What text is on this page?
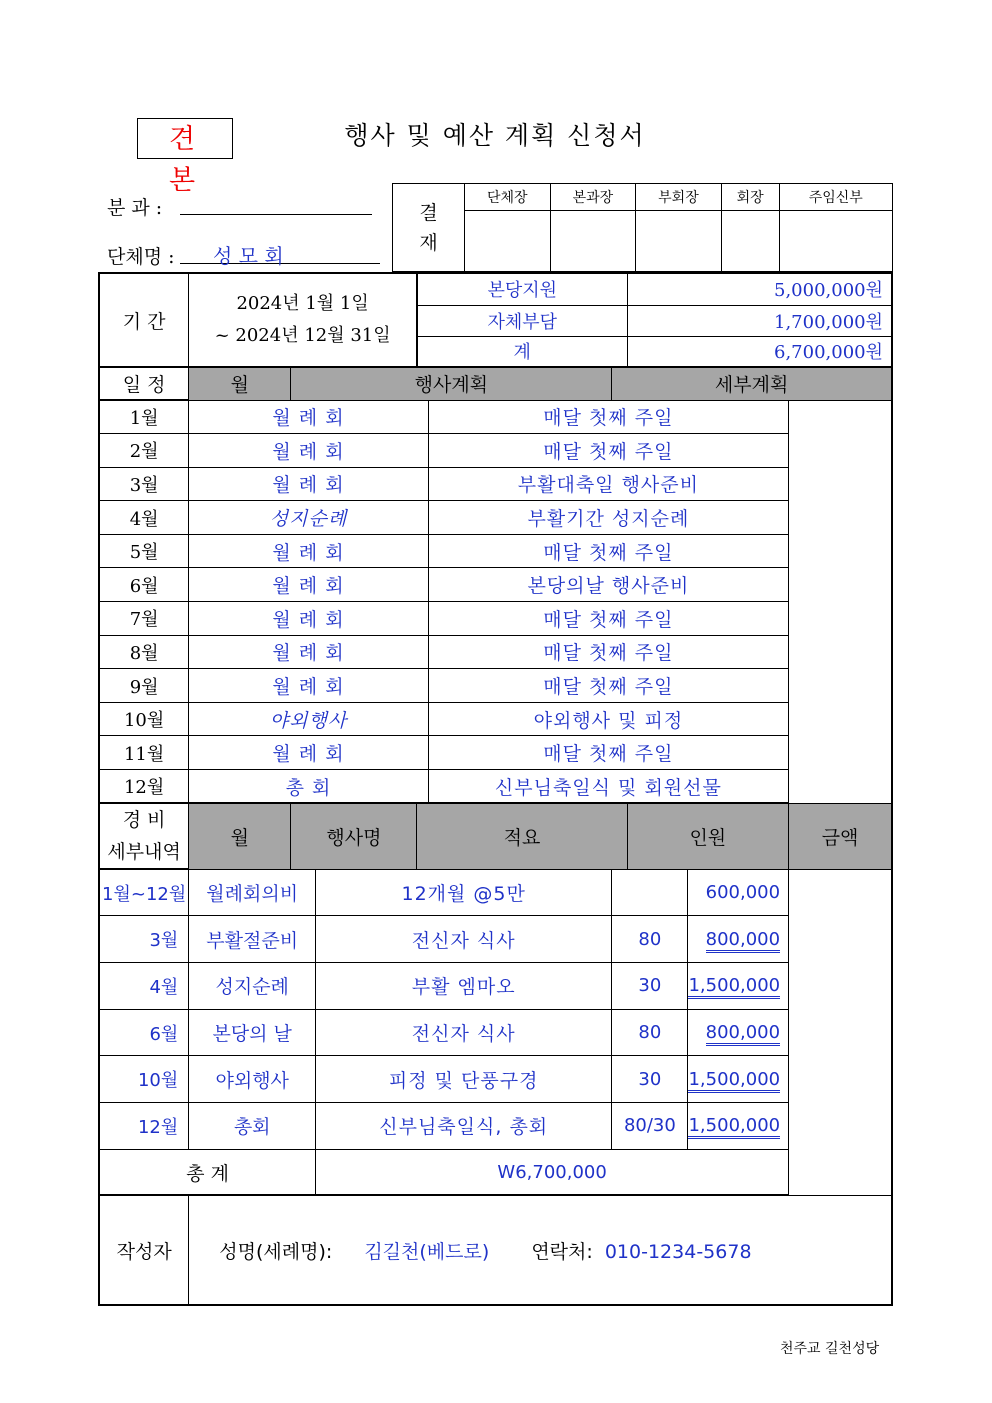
견 본
행사 및 예산 계획 신청서
분 과 :
단체명 : 성 모 회
결
재	단체장	본과장	부회장	회장	주임신부

기 간	2024년 1월 1일
~ 2024년 12월 31일			본당지원			5,000,000원		
				자체부담			1,700,000원		
				계			6,700,000원		
일 정	월	행사계획				세부계획			
1월	월 례 회				매달 첫째 주일				
2월	월 례 회				매달 첫째 주일				
3월	월 례 회				부활대축일 행사준비				
4월	성지순례				부활기간 성지순례				
5월	월 례 회				매달 첫째 주일				
6월	월 례 회				본당의날 행사준비				
7월	월 례 회				매달 첫째 주일				
8월	월 례 회				매달 첫째 주일				
9월	월 례 회				매달 첫째 주일				
10월	야외행사				야외행사 및 피정				
11월	월 례 회				매달 첫째 주일				
12월	총 회				신부님축일식 및 회원선물				

경 비
세부내역	월	행사명		적요			인원		금액
1월~12월	월례회의비		12개월 @5만					600,000	
3월	부활절준비		전신자 식사			80		800,000	
4월	성지순례		부활 엠마오			30		1,500,000	
6월	본당의 날		전신자 식사			80		800,000	
10월	야외행사		피정 및 단풍구경			30		1,500,000	
12월	총회		신부님축일식, 총회			80/30		1,500,000	
총 계			W6,700,000						
작성자	성명(세례명): 김길천(베드로) 연락처: 010-1234-5678								
천주교 길천성당
